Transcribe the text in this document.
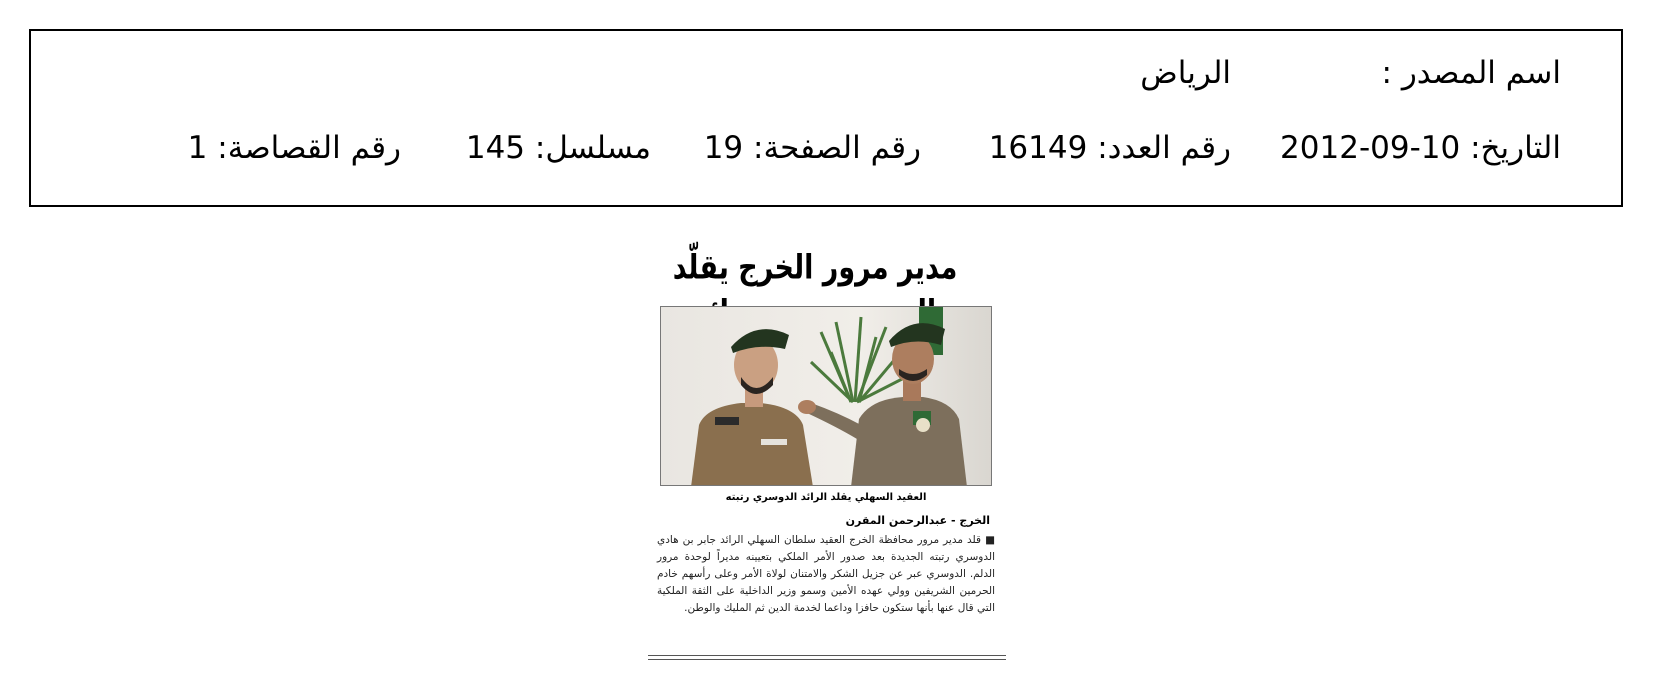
اسم المصدر :
الرياض
التاريخ: 2012-09-10
رقم العدد: 16149
رقم الصفحة: 19
مسلسل: 145
رقم القصاصة: 1
مدير مرور الخرج يقلّد
العقيد السهلي يقلد الرائد الدوسري رتبته
الخرج - عبدالرحمن المقرن
■ قلد مدير مرور محافظة الخرج العقيد سلطان السهلي الرائد جابر بن هادي الدوسري رتبته الجديدة بعد صدور الأمر الملكي بتعيينه مديراً لوحدة مرور الدلم. الدوسري عبر عن جزيل الشكر والامتنان لولاة الأمر وعلى رأسهم خادم الحرمين الشريفين وولي عهده الأمين وسمو وزير الداخلية على الثقة الملكية التي قال عنها بأنها ستكون حافزا وداعما لخدمة الدين ثم المليك والوطن.
